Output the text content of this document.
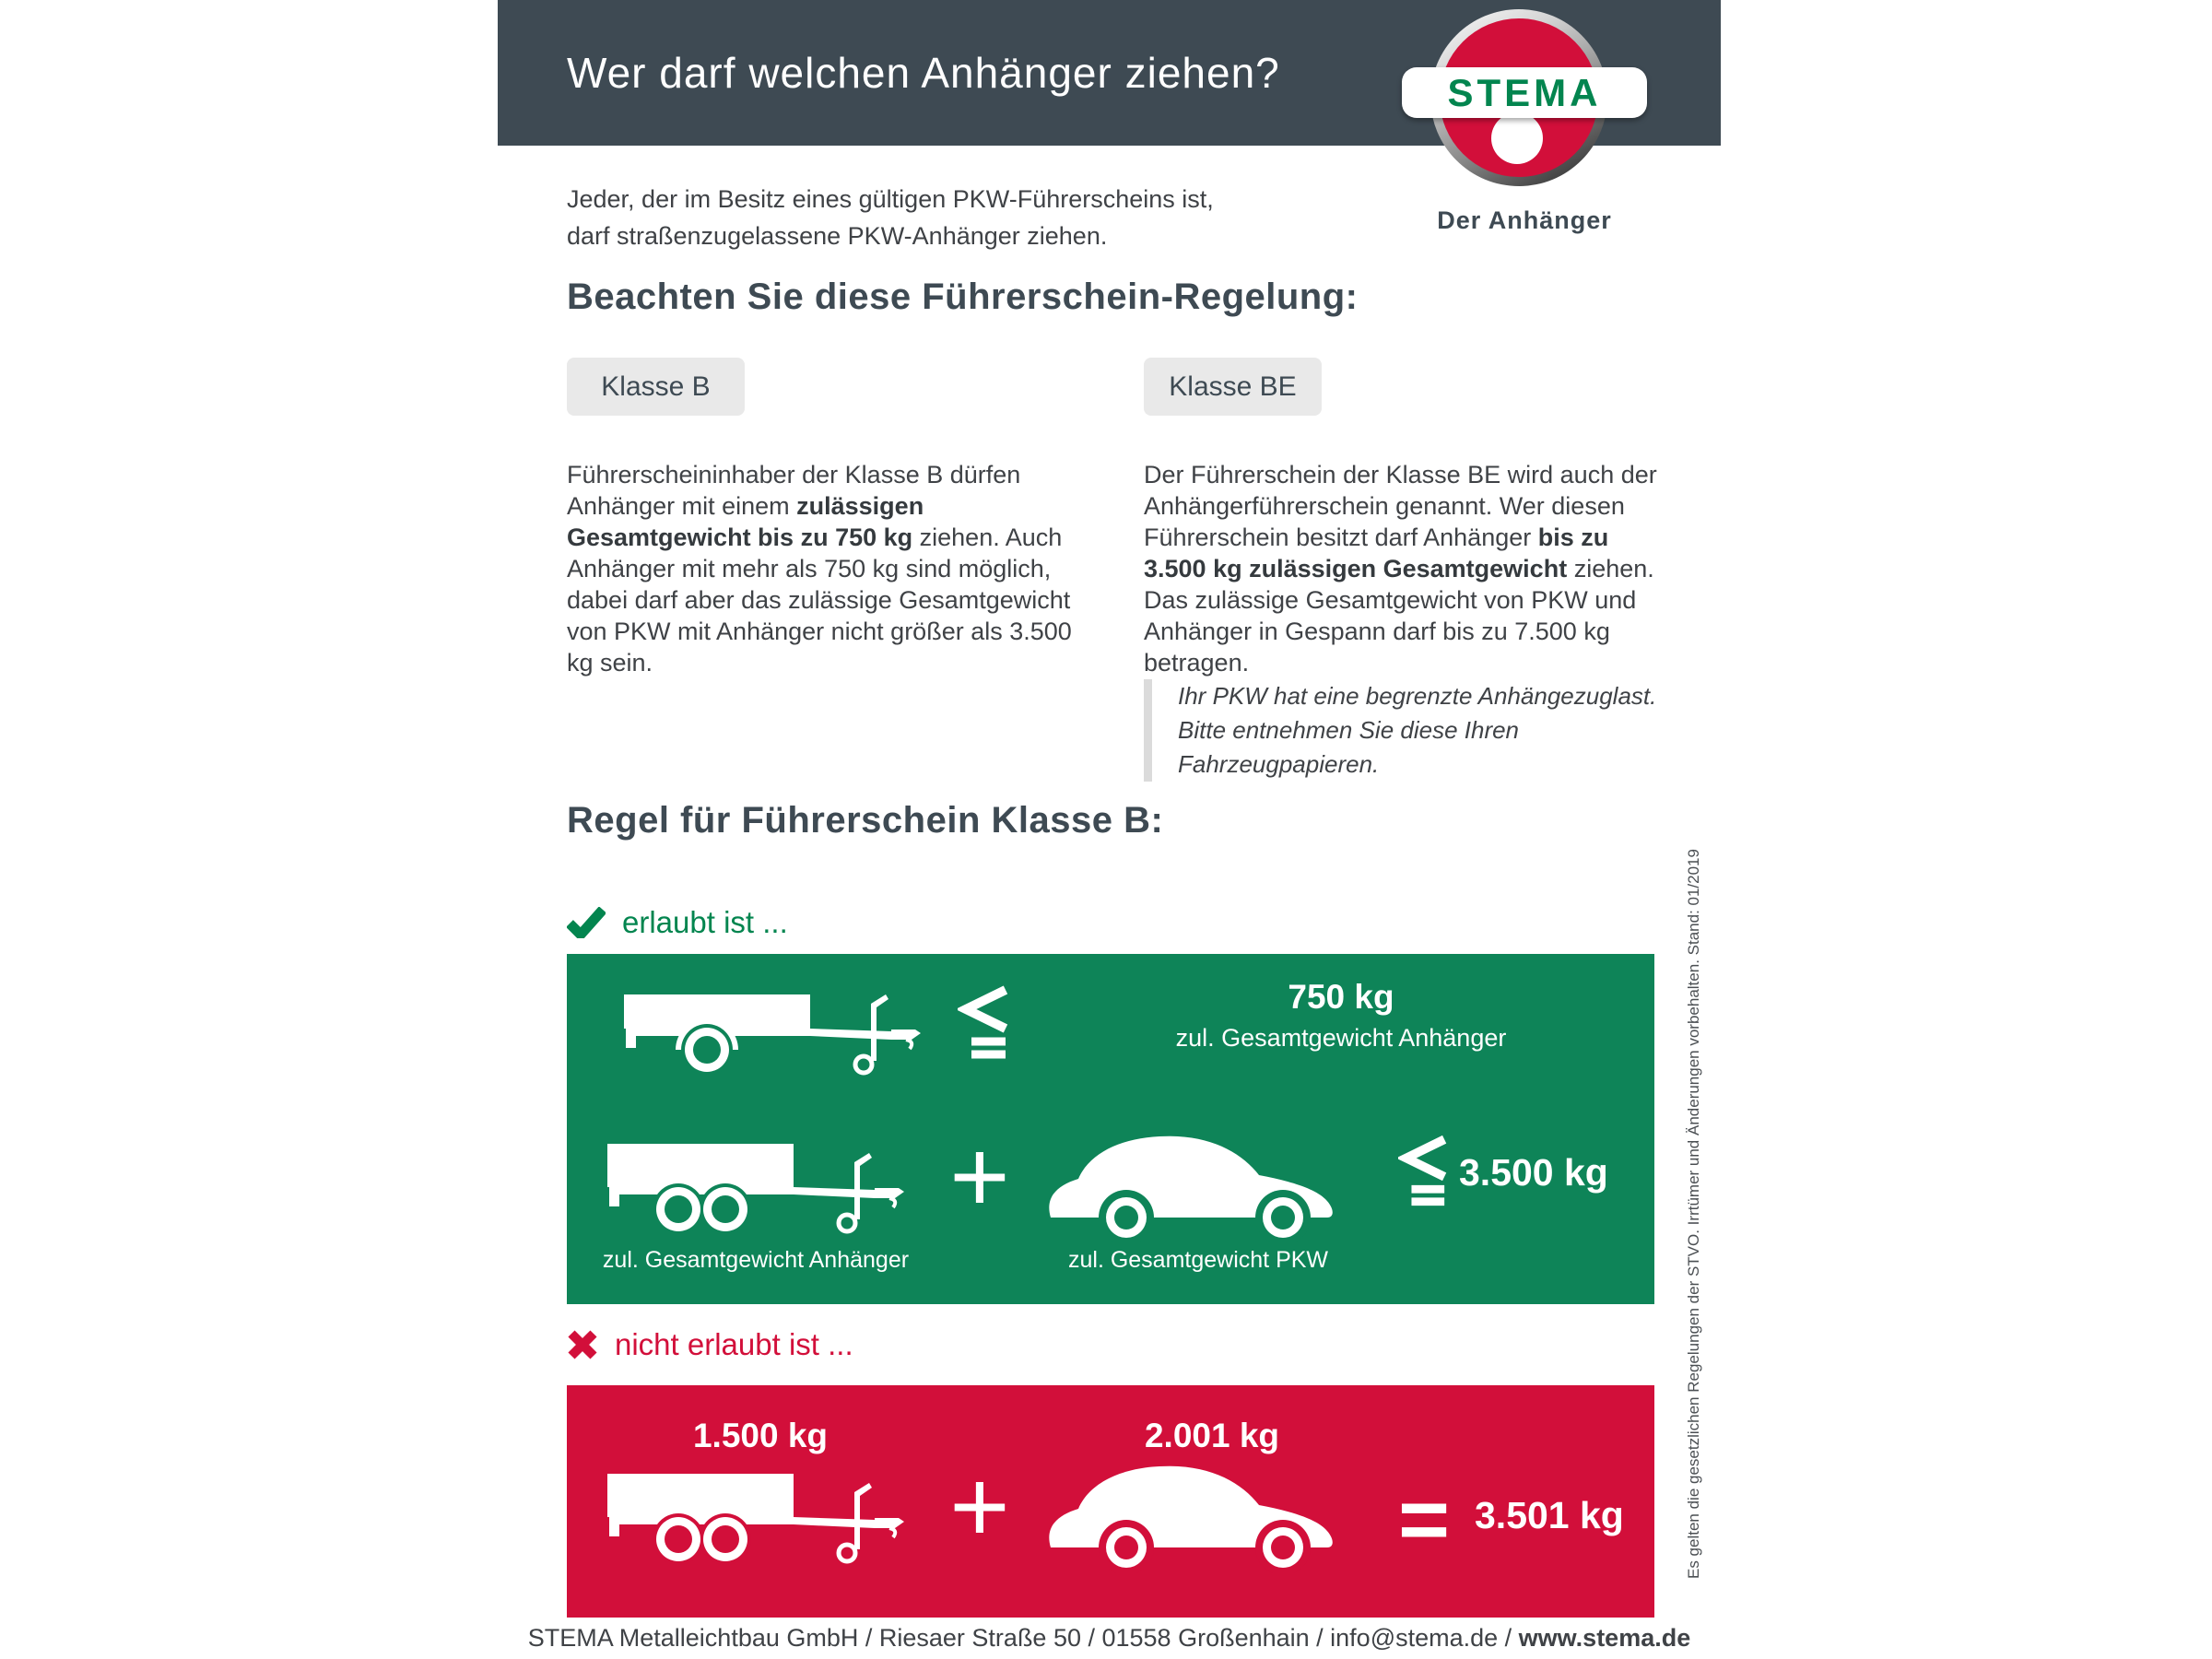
Wer darf welchen Anhänger ziehen?	STEMA
Der Anhänger
Jeder, der im Besitz eines gültigen PKW-Führerscheins ist,
darf straßenzugelassene PKW-Anhänger ziehen.
Beachten Sie diese Führerschein-Regelung:
Klasse B	Klasse BE

Führerscheininhaber der Klasse B dürfen Anhänger mit einem zulässigen Gesamtgewicht bis zu 750 kg ziehen. Auch Anhänger mit mehr als 750 kg sind möglich, dabei darf aber das zulässige Gesamtgewicht von PKW mit Anhänger nicht größer als 3.500 kg sein.

Der Führerschein der Klasse BE wird auch der Anhängerführerschein genannt. Wer diesen Führerschein besitzt darf Anhänger bis zu 3.500 kg zulässigen Gesamtgewicht ziehen. Das zulässige Gesamtgewicht von PKW und Anhänger in Gespann darf bis zu 7.500 kg betragen.

Ihr PKW hat eine begrenzte Anhängezuglast.
Bitte entnehmen Sie diese Ihren Fahrzeugpapieren.
Regel für Führerschein Klasse B:
erlaubt ist ...
750 kg
zul. Gesamtgewicht Anhänger
zul. Gesamtgewicht Anhänger
+
zul. Gesamtgewicht PKW
3.500 kg
nicht erlaubt ist ...
1.500 kg
+
2.001 kg
= 3.501 kg
STEMA Metalleichtbau GmbH / Riesaer Straße 50 / 01558 Großenhain / info@stema.de / www.stema.de
Es gelten die gesetzlichen Regelungen der STVO. Irrtümer und Änderungen vorbehalten. Stand: 01/2019
